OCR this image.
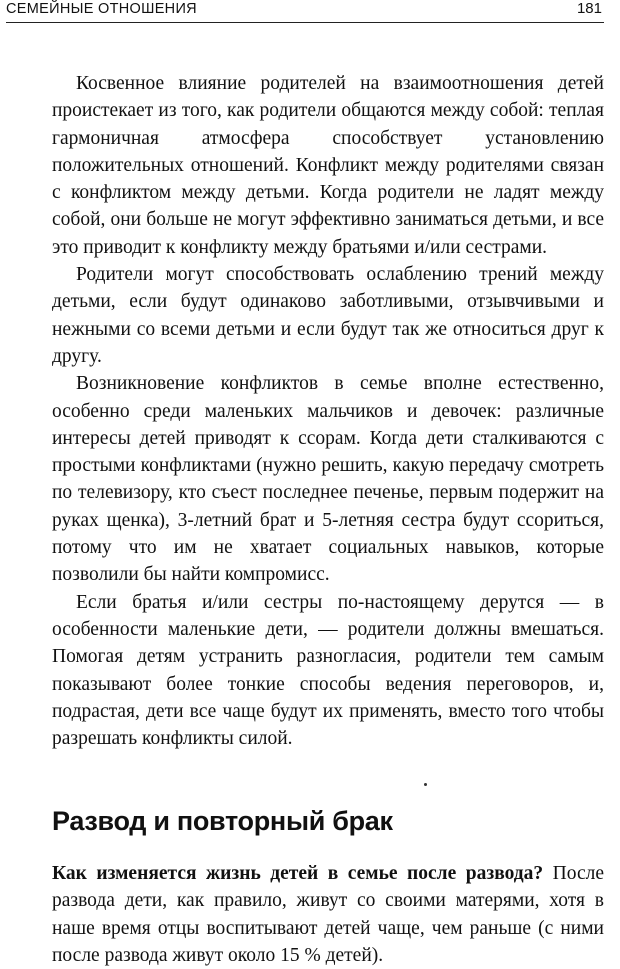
СЕМЕЙНЫЕ ОТНОШЕНИЯ	181

Косвенное влияние родителей на взаимоотношения детей проистекает из того, как родители общаются между собой: теплая гармоничная атмосфера способствует установлению положительных отношений. Конфликт между родителями связан с конфликтом между детьми. Когда родители не ладят между собой, они больше не могут эффективно заниматься детьми, и все это приводит к конфликту между братьями и/или сестрами.

Родители могут способствовать ослаблению трений между детьми, если будут одинаково заботливыми, отзывчивыми и нежными со всеми детьми и если будут так же относиться друг к другу.

Возникновение конфликтов в семье вполне естественно, особенно среди маленьких мальчиков и девочек: различные интересы детей приводят к ссорам. Когда дети сталкиваются с простыми конфликтами (нужно решить, какую передачу смотреть по телевизору, кто съест последнее печенье, первым подержит на руках щенка), 3-летний брат и 5-летняя сестра будут ссориться, потому что им не хватает социальных навыков, которые позволили бы найти компромисс.

Если братья и/или сестры по-настоящему дерутся — в особенности маленькие дети, — родители должны вмешаться. Помогая детям устранить разногласия, родители тем самым показывают более тонкие способы ведения переговоров, и, подрастая, дети все чаще будут их применять, вместо того чтобы разрешать конфликты силой.

Развод и повторный брак

Как изменяется жизнь детей в семье после развода? После развода дети, как правило, живут со своими матерями, хотя в наше время отцы воспитывают детей чаще, чем раньше (с ними после развода живут около 15 % детей).
